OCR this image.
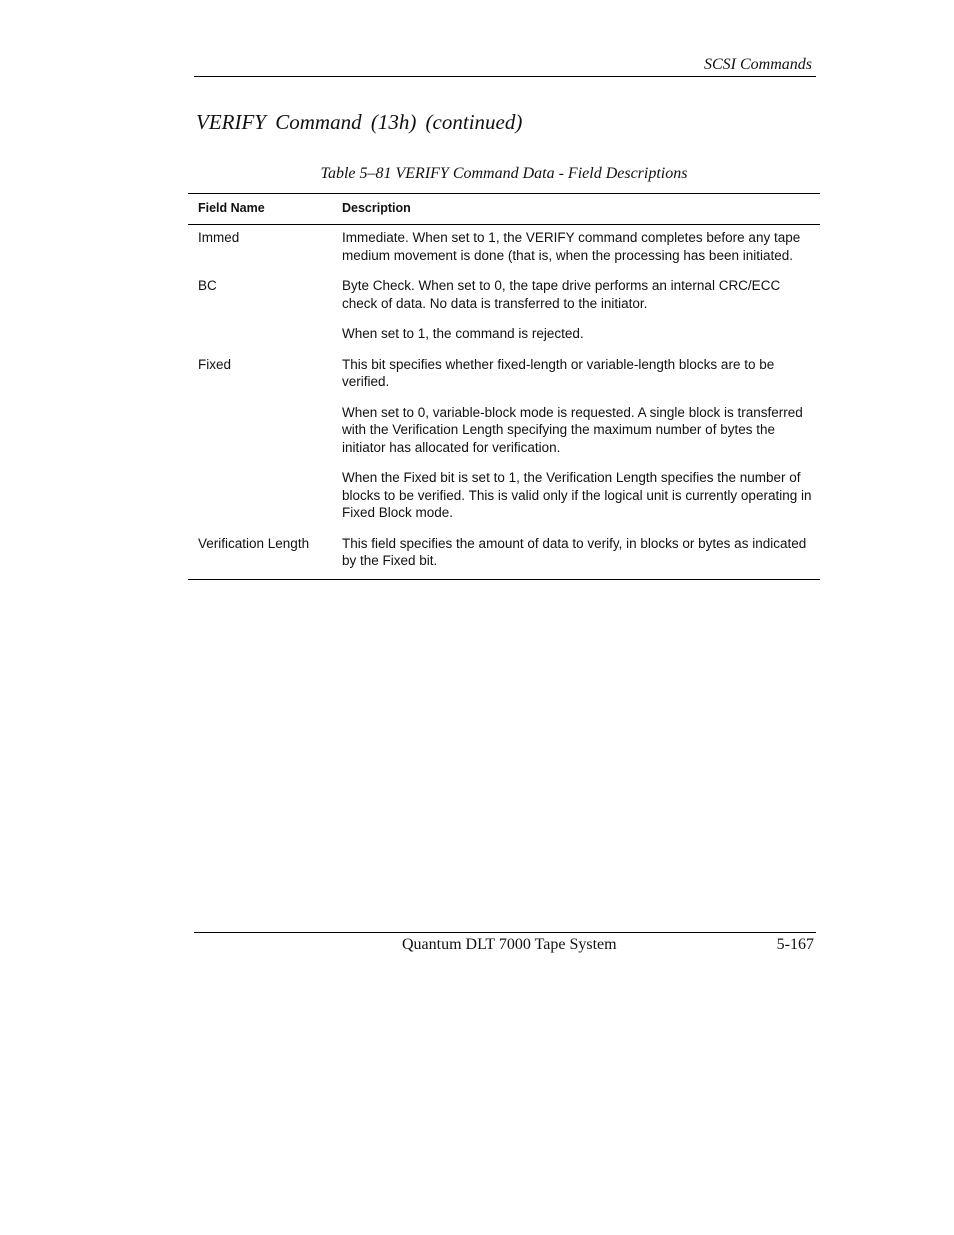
SCSI Commands
VERIFY Command (13h) (continued)
Table 5–81 VERIFY Command Data - Field Descriptions
Field Name	Description
Immed	Immediate. When set to 1, the VERIFY command completes before any tape medium movement is done (that is, when the processing has been initiated.

BC	Byte Check. When set to 0, the tape drive performs an internal CRC/ECC check of data. No data is transferred to the initiator.

When set to 1, the command is rejected.

Fixed	This bit specifies whether fixed-length or variable-length blocks are to be verified.

When set to 0, variable-block mode is requested. A single block is transferred with the Verification Length specifying the maximum number of bytes the initiator has allocated for verification.

When the Fixed bit is set to 1, the Verification Length specifies the number of blocks to be verified. This is valid only if the logical unit is currently operating in Fixed Block mode.

Verification Length	This field specifies the amount of data to verify, in blocks or bytes as indicated by the Fixed bit.

Quantum DLT 7000 Tape System	5-167
